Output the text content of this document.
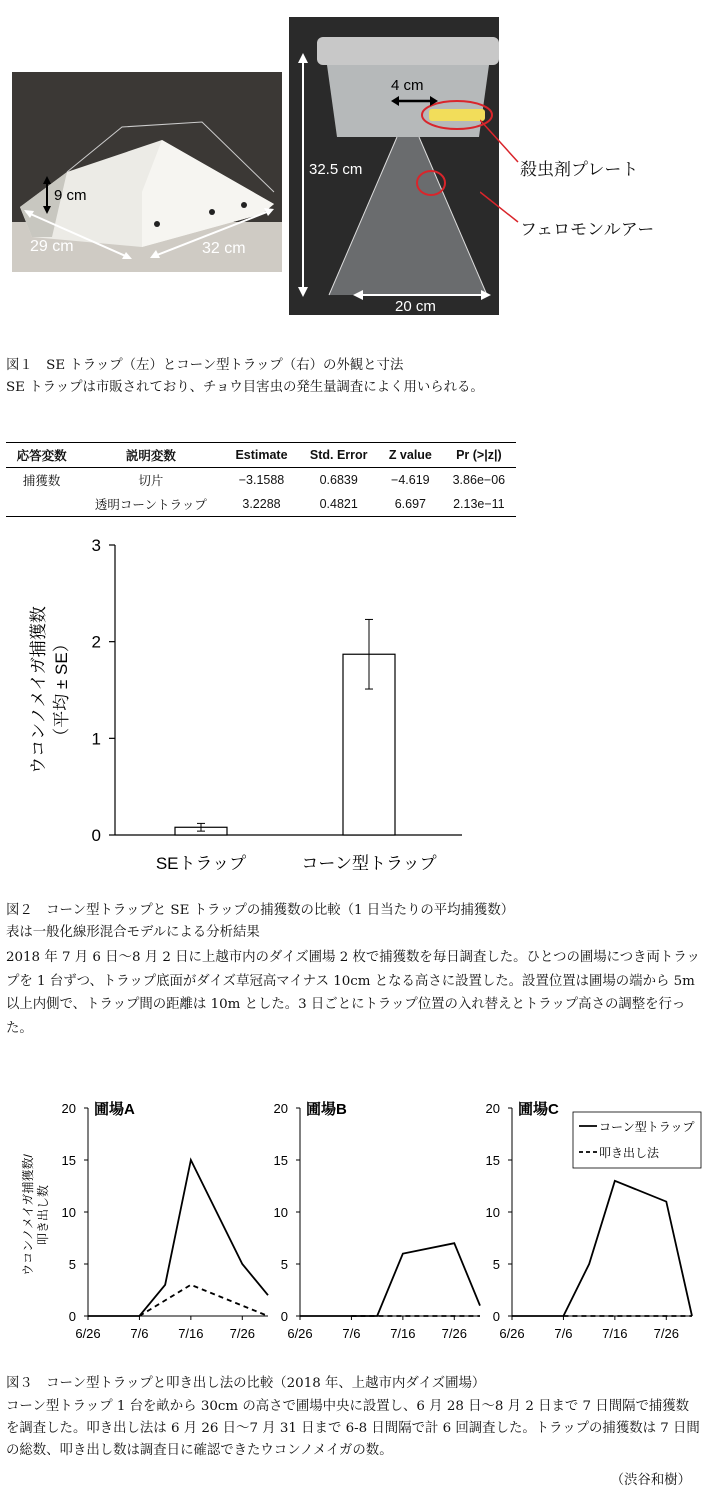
9 cm
29 cm	32 cm
4 cm
32.5 cm
20 cm
殺虫剤プレート
フェロモンルアー
図１　SE トラップ（左）とコーン型トラップ（右）の外観と寸法
SE トラップは市販されており、チョウ目害虫の発生量調査によく用いられる。
応答変数	説明変数	Estimate	Std. Error	Z value	Pr (>|z|)
捕獲数	切片	−3.1588	0.6839	−4.619	3.86e−06
	透明コーントラップ	3.2288	0.4821	6.697	2.13e−11
0
1
2
3
SEトラップ	コーン型トラップ
ウコンノメイガ捕獲数 （平均 ± SE）
図２　コーン型トラップと SE トラップの捕獲数の比較（1 日当たりの平均捕獲数）
表は一般化線形混合モデルによる分析結果
2018 年 7 月 6 日〜8 月 2 日に上越市内のダイズ圃場 2 枚で捕獲数を毎日調査した。ひとつの圃場につき両トラップを 1 台ずつ、トラップ底面がダイズ草冠高マイナス 10cm となる高さに設置した。設置位置は圃場の端から 5m 以上内側で、トラップ間の距離は 10m とした。3 日ごとにトラップ位置の入れ替えとトラップ高さの調整を行った。
0
5
10
15
20
6/26 7/6 7/16 7/26
圃場A
ウコンノメイガ捕獲数/ 叩き出し数
0
5
10
15
20
6/26 7/6 7/16 7/26
圃場B
0
5
10
15
20
6/26 7/6 7/16 7/26
圃場C
コーン型トラップ
叩き出し法
図３　コーン型トラップと叩き出し法の比較（2018 年、上越市内ダイズ圃場）
コーン型トラップ 1 台を畝から 30cm の高さで圃場中央に設置し、6 月 28 日〜8 月 2 日まで 7 日間隔で捕獲数を調査した。叩き出し法は 6 月 26 日〜7 月 31 日まで 6-8 日間隔で計 6 回調査した。トラップの捕獲数は 7 日間の総数、叩き出し数は調査日に確認できたウコンノメイガの数。
（渋谷和樹）
